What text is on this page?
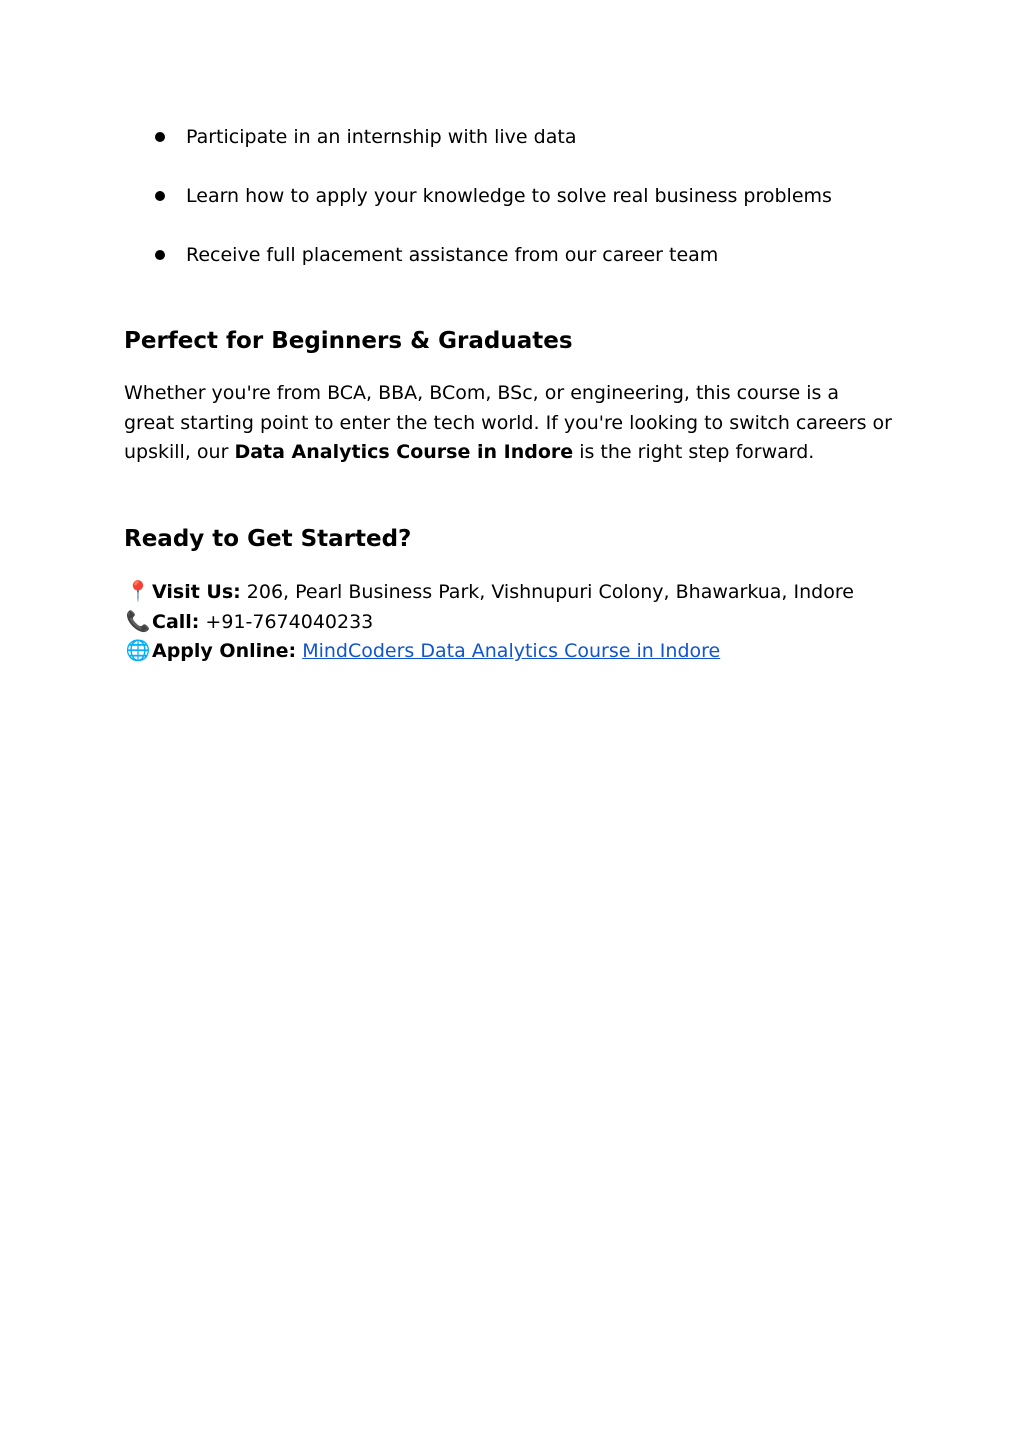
Participate in an internship with live data
Learn how to apply your knowledge to solve real business problems
Receive full placement assistance from our career team
Perfect for Beginners & Graduates

Whether you're from BCA, BBA, BCom, BSc, or engineering, this course is a great starting point to enter the tech world. If you're looking to switch careers or upskill, our Data Analytics Course in Indore is the right step forward.

Ready to Get Started?
📍Visit Us: 206, Pearl Business Park, Vishnupuri Colony, Bhawarkua, Indore
📞Call: +91-7674040233
🌐Apply Online: MindCoders Data Analytics Course in Indore
